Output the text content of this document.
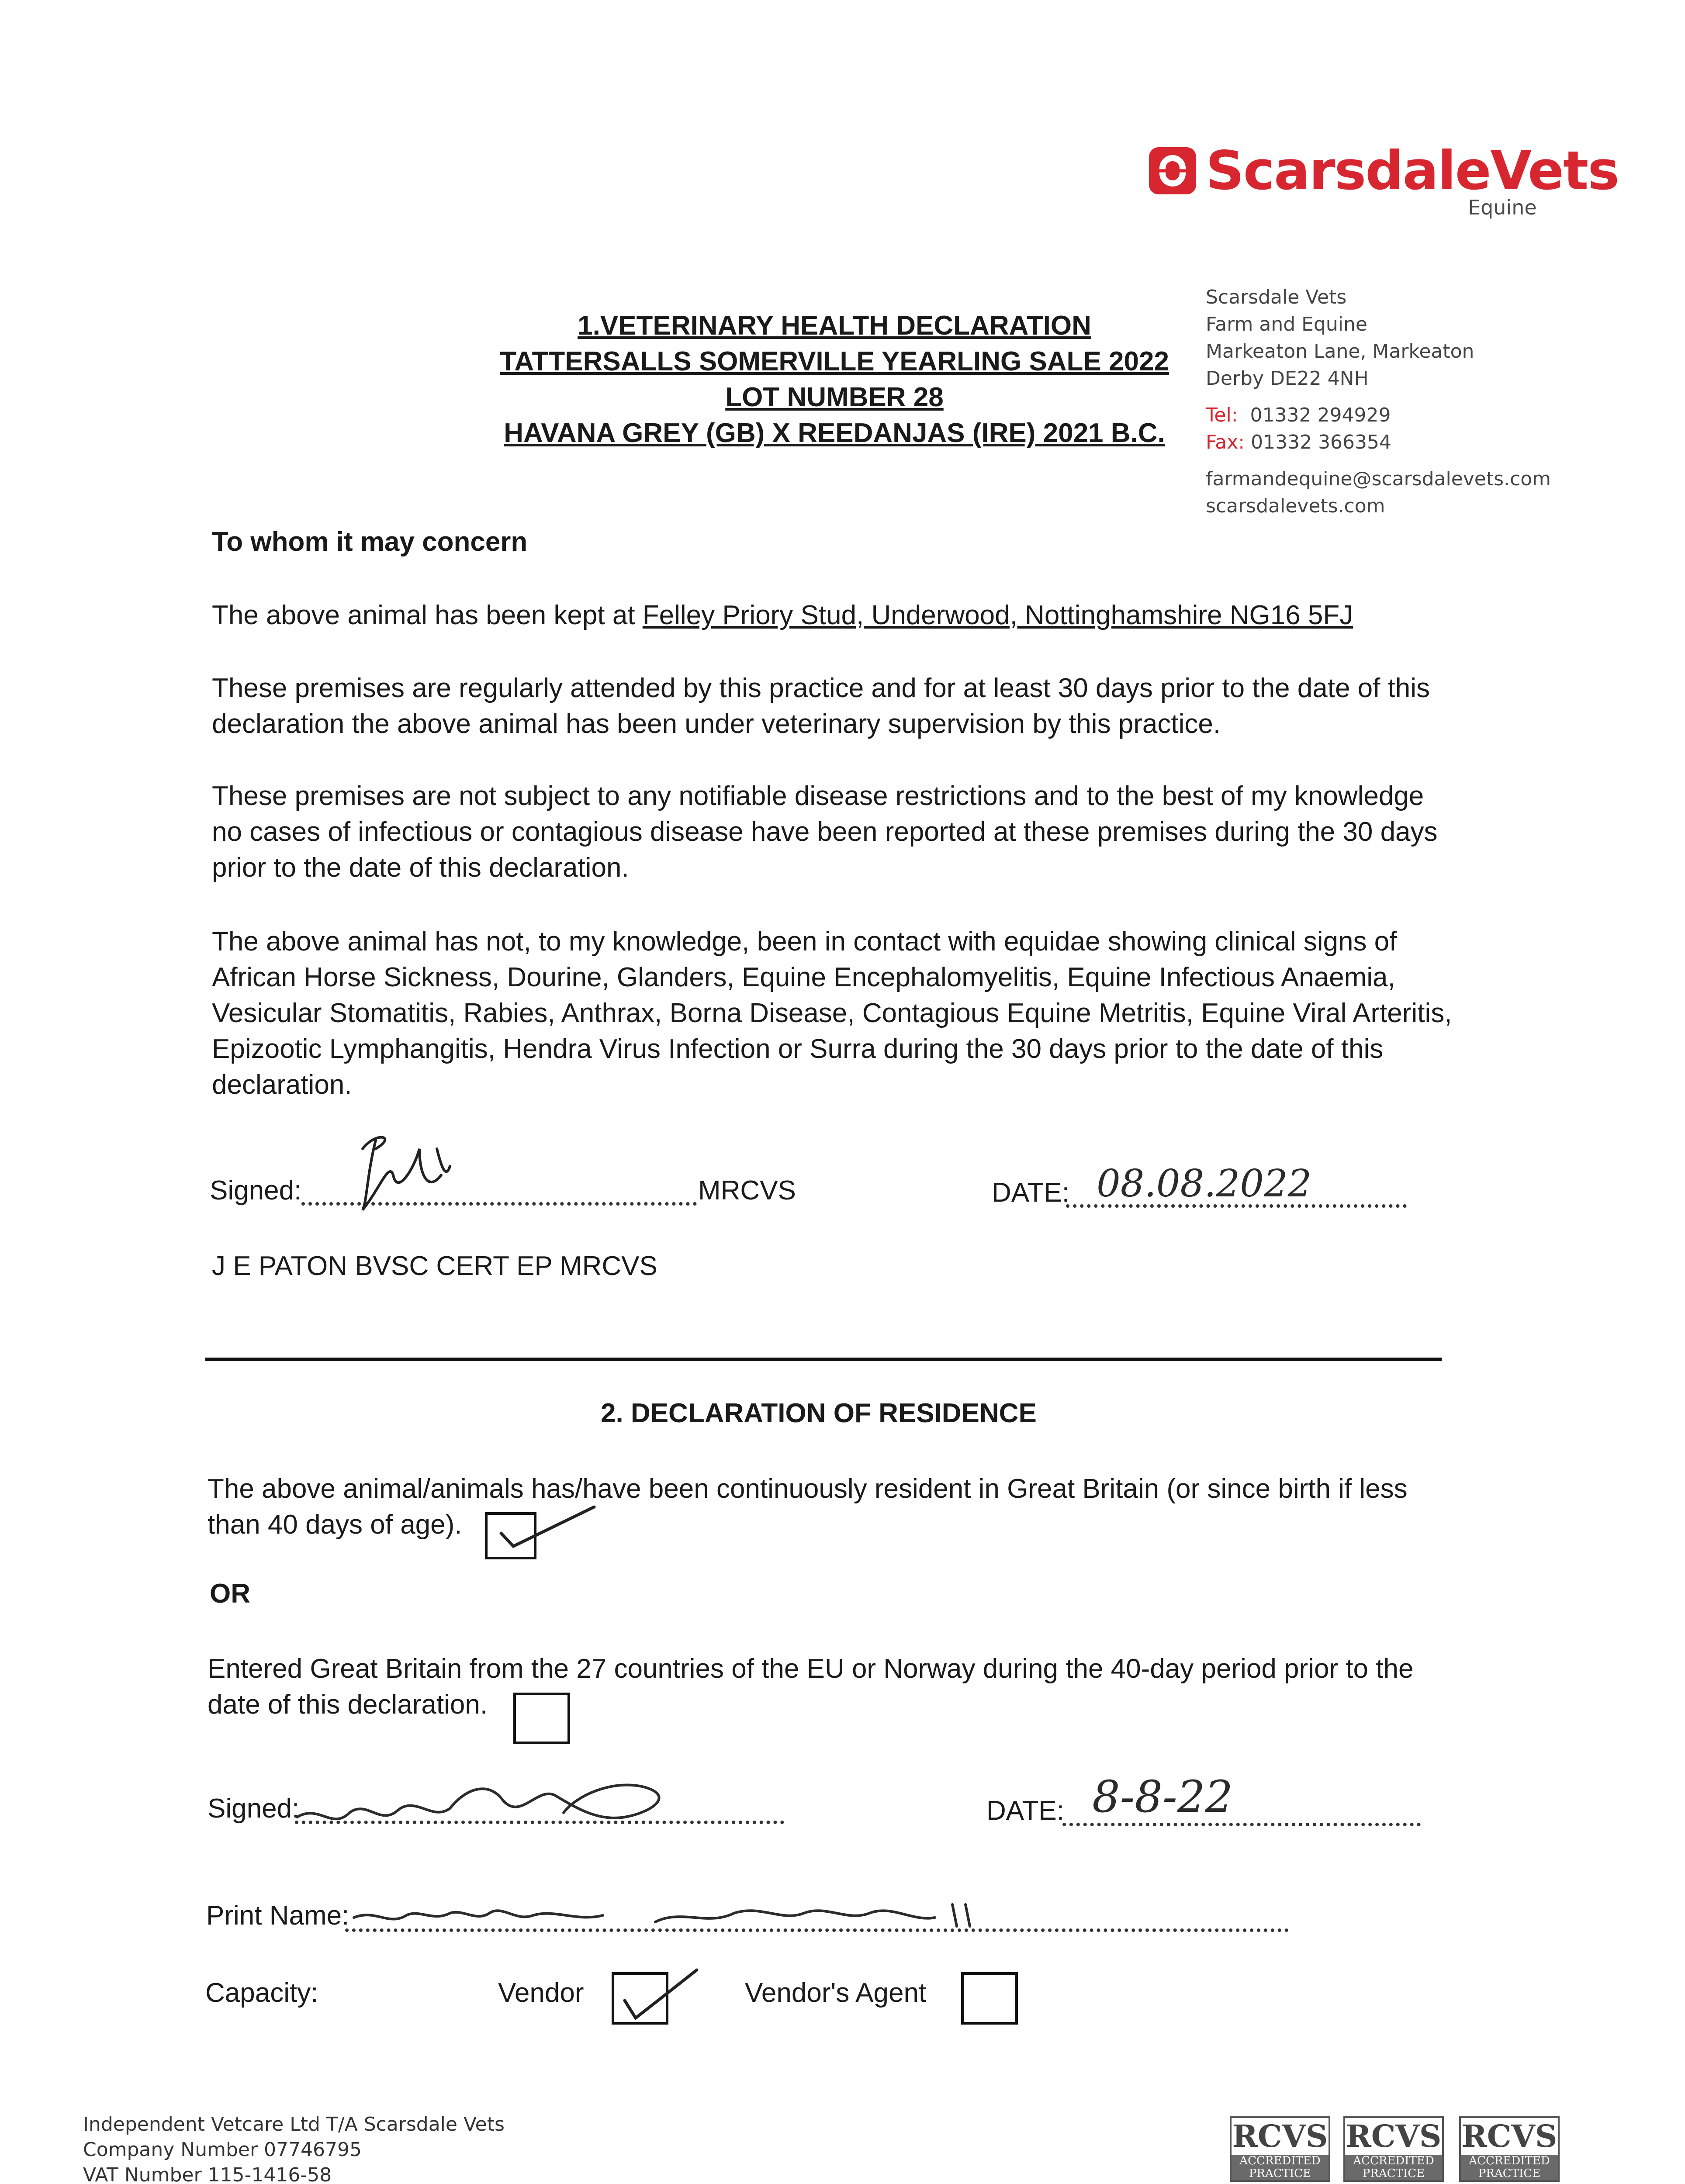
ScarsdaleVets
Equine
Scarsdale Vets
Farm and Equine
Markeaton Lane, Markeaton
Derby DE22 4NH
Tel: 01332 294929
Fax: 01332 366354
farmandequine@scarsdalevets.com
scarsdalevets.com
1.VETERINARY HEALTH DECLARATION
TATTERSALLS SOMERVILLE YEARLING SALE 2022
LOT NUMBER 28
HAVANA GREY (GB) X REEDANJAS (IRE) 2021 B.C.
To whom it may concern
The above animal has been kept at Felley Priory Stud, Underwood, Nottinghamshire NG16 5FJ
These premises are regularly attended by this practice and for at least 30 days prior to the date of this declaration the above animal has been under veterinary supervision by this practice.
These premises are not subject to any notifiable disease restrictions and to the best of my knowledge no cases of infectious or contagious disease have been reported at these premises during the 30 days prior to the date of this declaration.
The above animal has not, to my knowledge, been in contact with equidae showing clinical signs of African Horse Sickness, Dourine, Glanders, Equine Encephalomyelitis, Equine Infectious Anaemia, Vesicular Stomatitis, Rabies, Anthrax, Borna Disease, Contagious Equine Metritis, Equine Viral Arteritis, Epizootic Lymphangitis, Hendra Virus Infection or Surra during the 30 days prior to the date of this declaration.
Signed:	MRCVS	DATE: 08.08.2022
J E PATON BVSC CERT EP MRCVS
2. DECLARATION OF RESIDENCE
The above animal/animals has/have been continuously resident in Great Britain (or since birth if less than 40 days of age).
OR
Entered Great Britain from the 27 countries of the EU or Norway during the 40-day period prior to the date of this declaration.
Signed:	DATE: 8-8-22
Print Name:
Capacity:	Vendor	Vendor's Agent
Independent Vetcare Ltd T/A Scarsdale Vets
Company Number 07746795
VAT Number 115-1416-58
RCVS
ACCREDITED
PRACTICE
RCVS
ACCREDITED
PRACTICE
RCVS
ACCREDITED
PRACTICE
